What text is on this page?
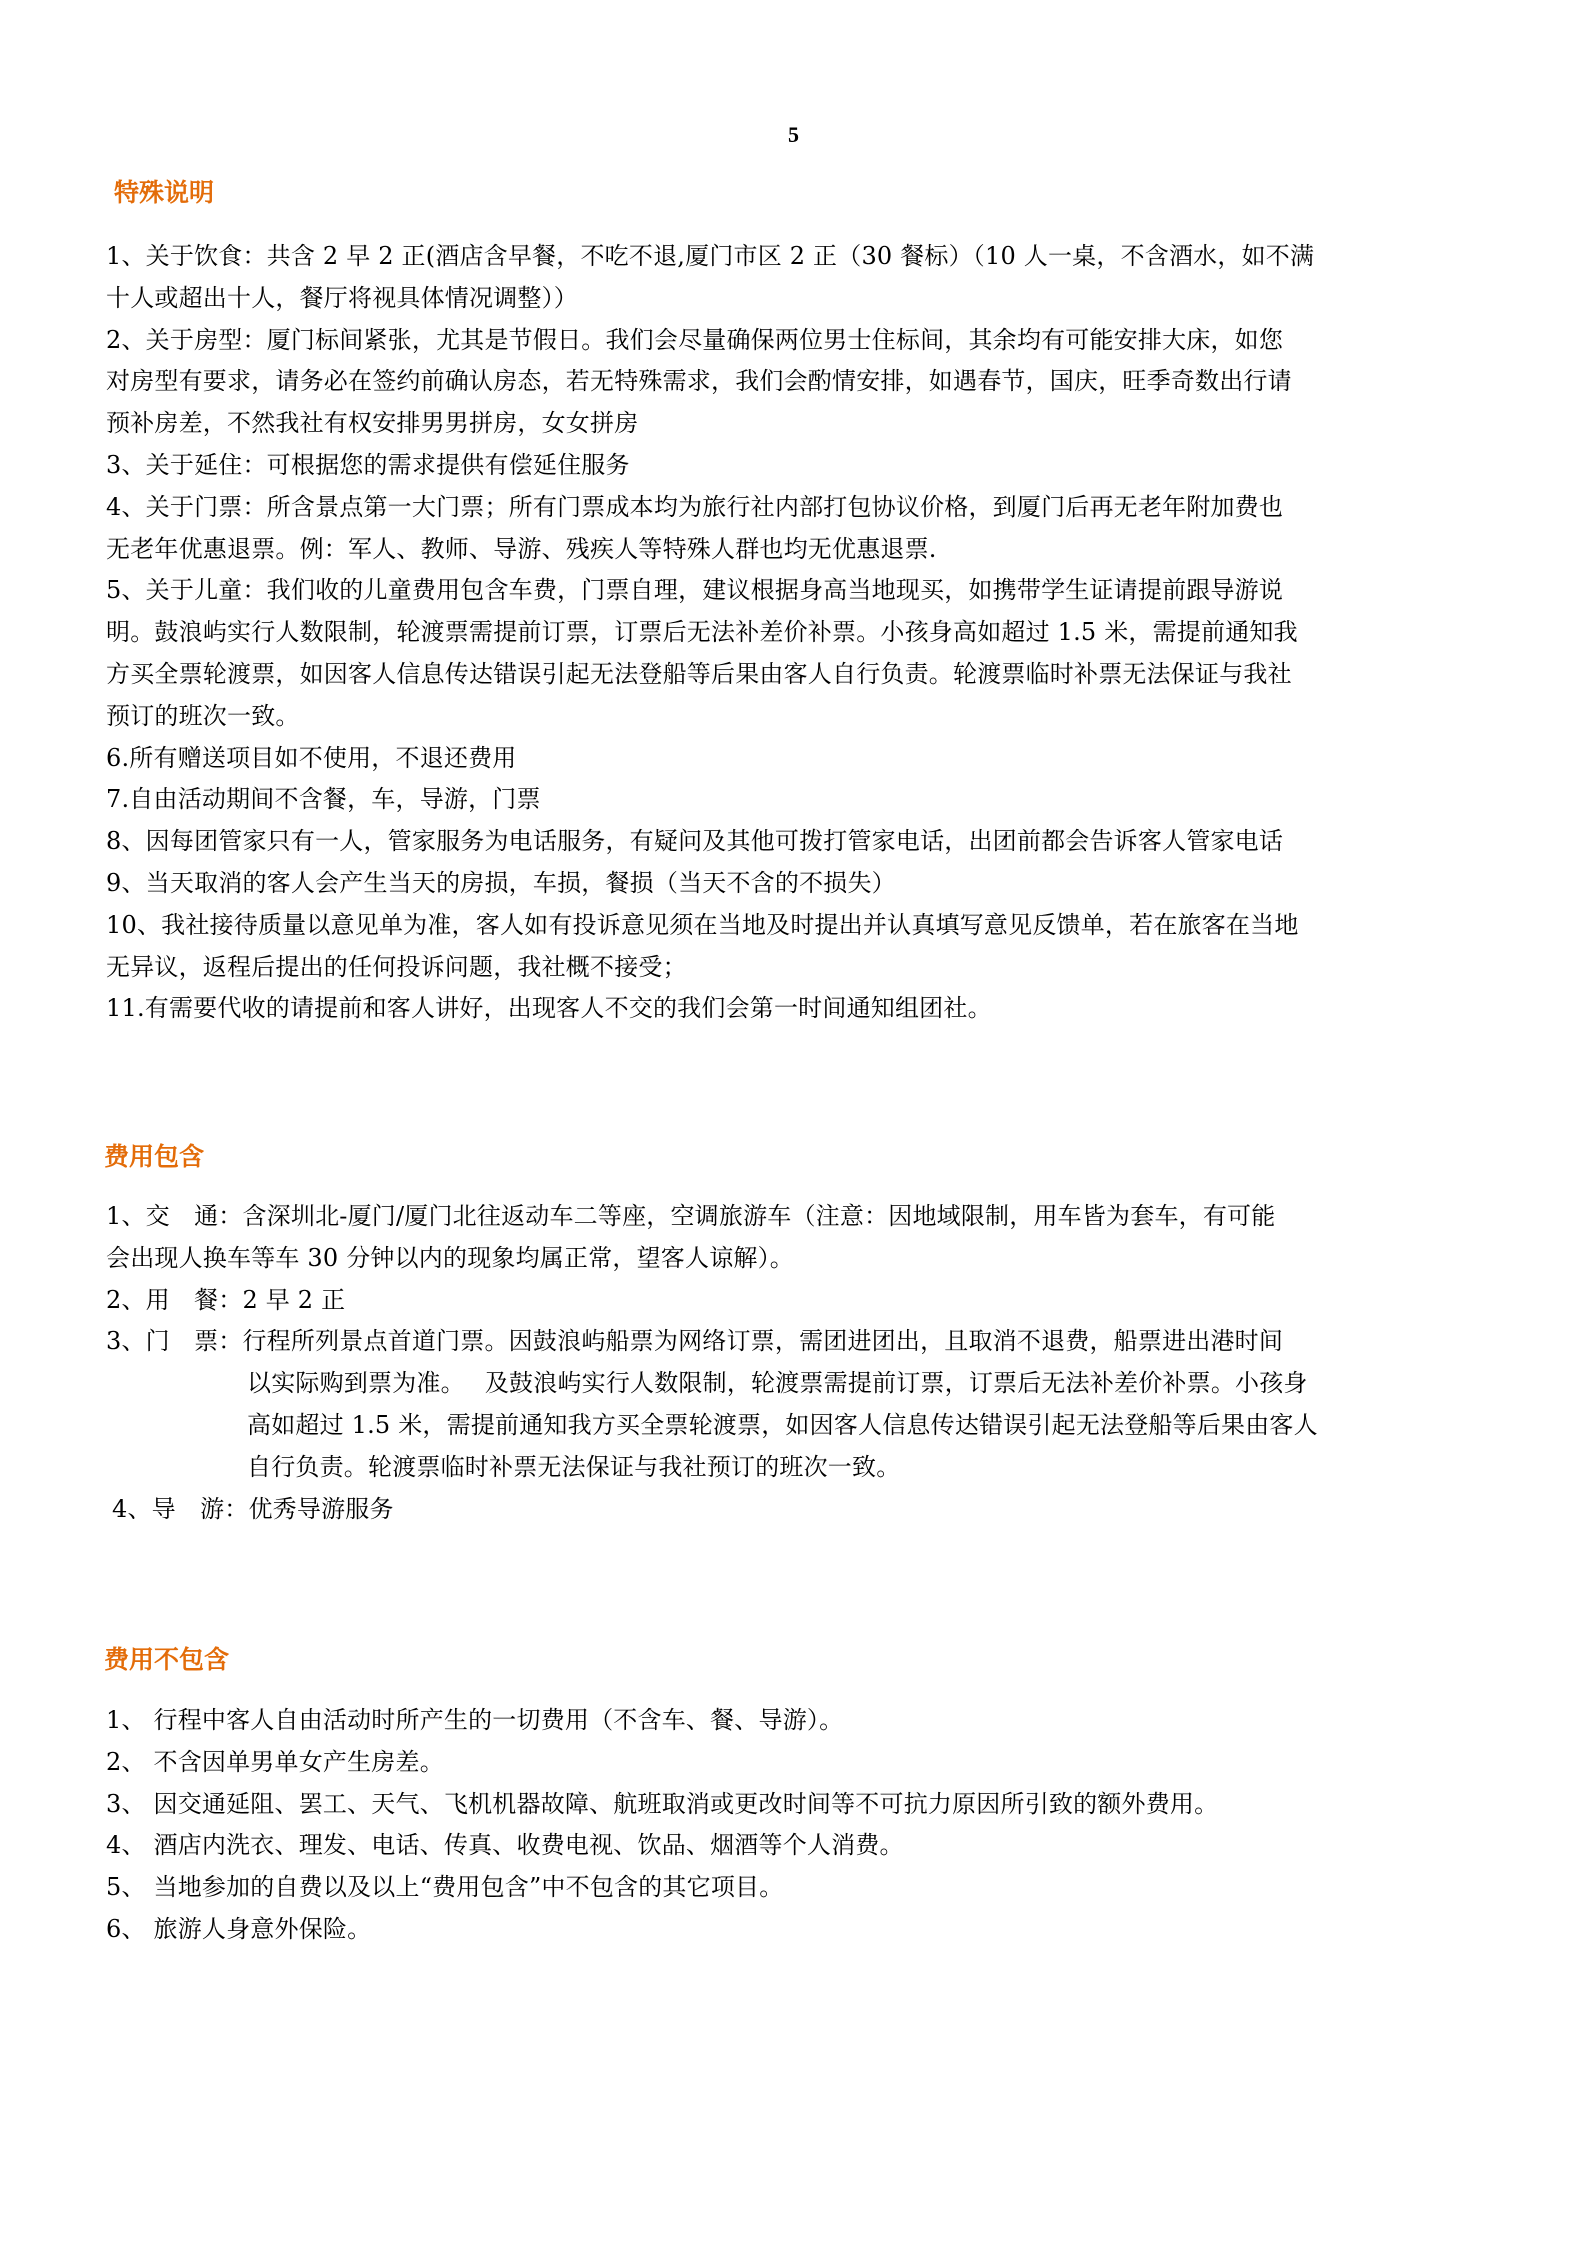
5
特殊说明

1、关于饮食：共含 2 早 2 正(酒店含早餐，不吃不退,厦门市区 2 正（30 餐标）（10 人一桌，不含酒水，如不满

十人或超出十人，餐厅将视具体情况调整））

2、关于房型：厦门标间紧张，尤其是节假日。我们会尽量确保两位男士住标间，其余均有可能安排大床，如您

对房型有要求，请务必在签约前确认房态，若无特殊需求，我们会酌情安排，如遇春节，国庆，旺季奇数出行请

预补房差，不然我社有权安排男男拼房，女女拼房

3、关于延住：可根据您的需求提供有偿延住服务

4、关于门票：所含景点第一大门票；所有门票成本均为旅行社内部打包协议价格，到厦门后再无老年附加费也

无老年优惠退票。例：军人、教师、导游、残疾人等特殊人群也均无优惠退票.

5、关于儿童：我们收的儿童费用包含车费，门票自理，建议根据身高当地现买，如携带学生证请提前跟导游说

明。鼓浪屿实行人数限制，轮渡票需提前订票，订票后无法补差价补票。小孩身高如超过 1.5 米，需提前通知我

方买全票轮渡票，如因客人信息传达错误引起无法登船等后果由客人自行负责。轮渡票临时补票无法保证与我社

预订的班次一致。

6.所有赠送项目如不使用，不退还费用

7.自由活动期间不含餐，车，导游，门票

8、因每团管家只有一人，管家服务为电话服务，有疑问及其他可拨打管家电话，出团前都会告诉客人管家电话

9、当天取消的客人会产生当天的房损，车损，餐损（当天不含的不损失）

10、我社接待质量以意见单为准，客人如有投诉意见须在当地及时提出并认真填写意见反馈单，若在旅客在当地

无异议，返程后提出的任何投诉问题，我社概不接受；

11.有需要代收的请提前和客人讲好，出现客人不交的我们会第一时间通知组团社。

费用包含

1、交　通：含深圳北-厦门/厦门北往返动车二等座，空调旅游车（注意：因地域限制，用车皆为套车，有可能

会出现人换车等车 30 分钟以内的现象均属正常，望客人谅解）。

2、用　餐：2 早 2 正

3、门　票：行程所列景点首道门票。因鼓浪屿船票为网络订票，需团进团出，且取消不退费，船票进出港时间

以实际购到票为准。　 及鼓浪屿实行人数限制，轮渡票需提前订票，订票后无法补差价补票。小孩身

高如超过 1.5 米，需提前通知我方买全票轮渡票，如因客人信息传达错误引起无法登船等后果由客人

自行负责。轮渡票临时补票无法保证与我社预订的班次一致。

4、导　游：优秀导游服务

费用不包含

1、 行程中客人自由活动时所产生的一切费用（不含车、餐、导游）。

2、 不含因单男单女产生房差。

3、 因交通延阻、罢工、天气、飞机机器故障、航班取消或更改时间等不可抗力原因所引致的额外费用。

4、 酒店内洗衣、理发、电话、传真、收费电视、饮品、烟酒等个人消费。

5、 当地参加的自费以及以上“费用包含”中不包含的其它项目。

6、 旅游人身意外保险。
